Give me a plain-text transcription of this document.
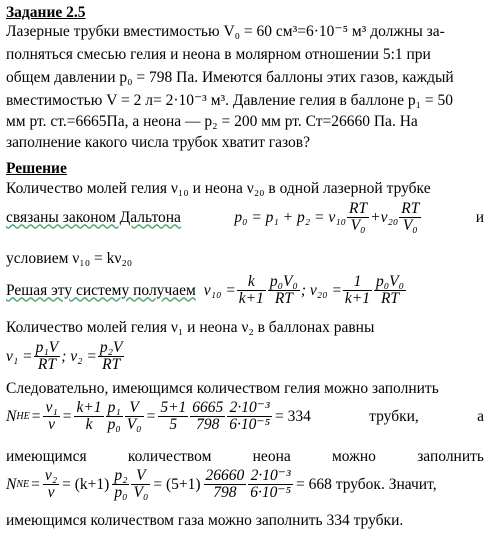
Задание 2.5
Лазерные трубки вместимостью V₀ = 60 см³=6·10⁻⁵ м³ должны за-
полняться смесью гелия и неона в молярном отношении 5:1 при
общем давлении p₀ = 798 Па. Имеются баллоны этих газов, каждый
вместимостью V = 2 л= 2·10⁻³ м³. Давление гелия в баллоне p₁ = 50
мм рт. ст.=6665Па, а неона — p₂ = 200 мм рт. Ст=26660 Па. На
заполнение какого числа трубок хватит газов?
Решение
Количество молей гелия ν₁₀ и неона ν₂₀ в одной лазерной трубке
связаны законом Дальтона	$p_0 = p_1 + p_2 = \nu_{10} \frac{RT}{\text{V₀}} +\nu_{20} \frac{RT}{\text{V₀}}$	и
условием ν₁₀ = kν₂₀
Решая эту систему получаем $\nu_{10} = \frac{k}{k+1} \frac{\text{p₀V₀}}{RT}$ ; $\nu_{20} = \frac{1}{k+1} \frac{\text{p₀V₀}}{RT}$
Количество молей гелия ν₁ и неона ν₂ в баллонах равны
$\nu_1 = \frac{\text{p₁V}}{RT}$ ; $\nu_2 = \frac{\text{p₂V}}{RT}$
Следовательно, имеющимся количеством гелия можно заполнить
N HE = $\frac{\text{ν₁}}{\nu} = \frac{k+1}{k} \frac{\text{p₁}}{\text{p₀}} \frac{V}{\text{V₀}} = \frac{5+1}{5} \frac{6665}{798} \frac{\text{2·10⁻³}}{\text{6·10⁻⁵}} = 334$	трубки,	а
имеющимся	количеством	неона	можно	заполнить
N NE = $\frac{\text{ν₂}}{\nu} = (k+1) \frac{\text{p₂}}{\text{p₀}} \frac{V}{\text{V₀}} = (5+1) \frac{26660}{798} \frac{\text{2·10⁻³}}{\text{6·10⁻⁵}} = 668$ трубок. Значит,
имеющимся количеством газа можно заполнить 334 трубки.
